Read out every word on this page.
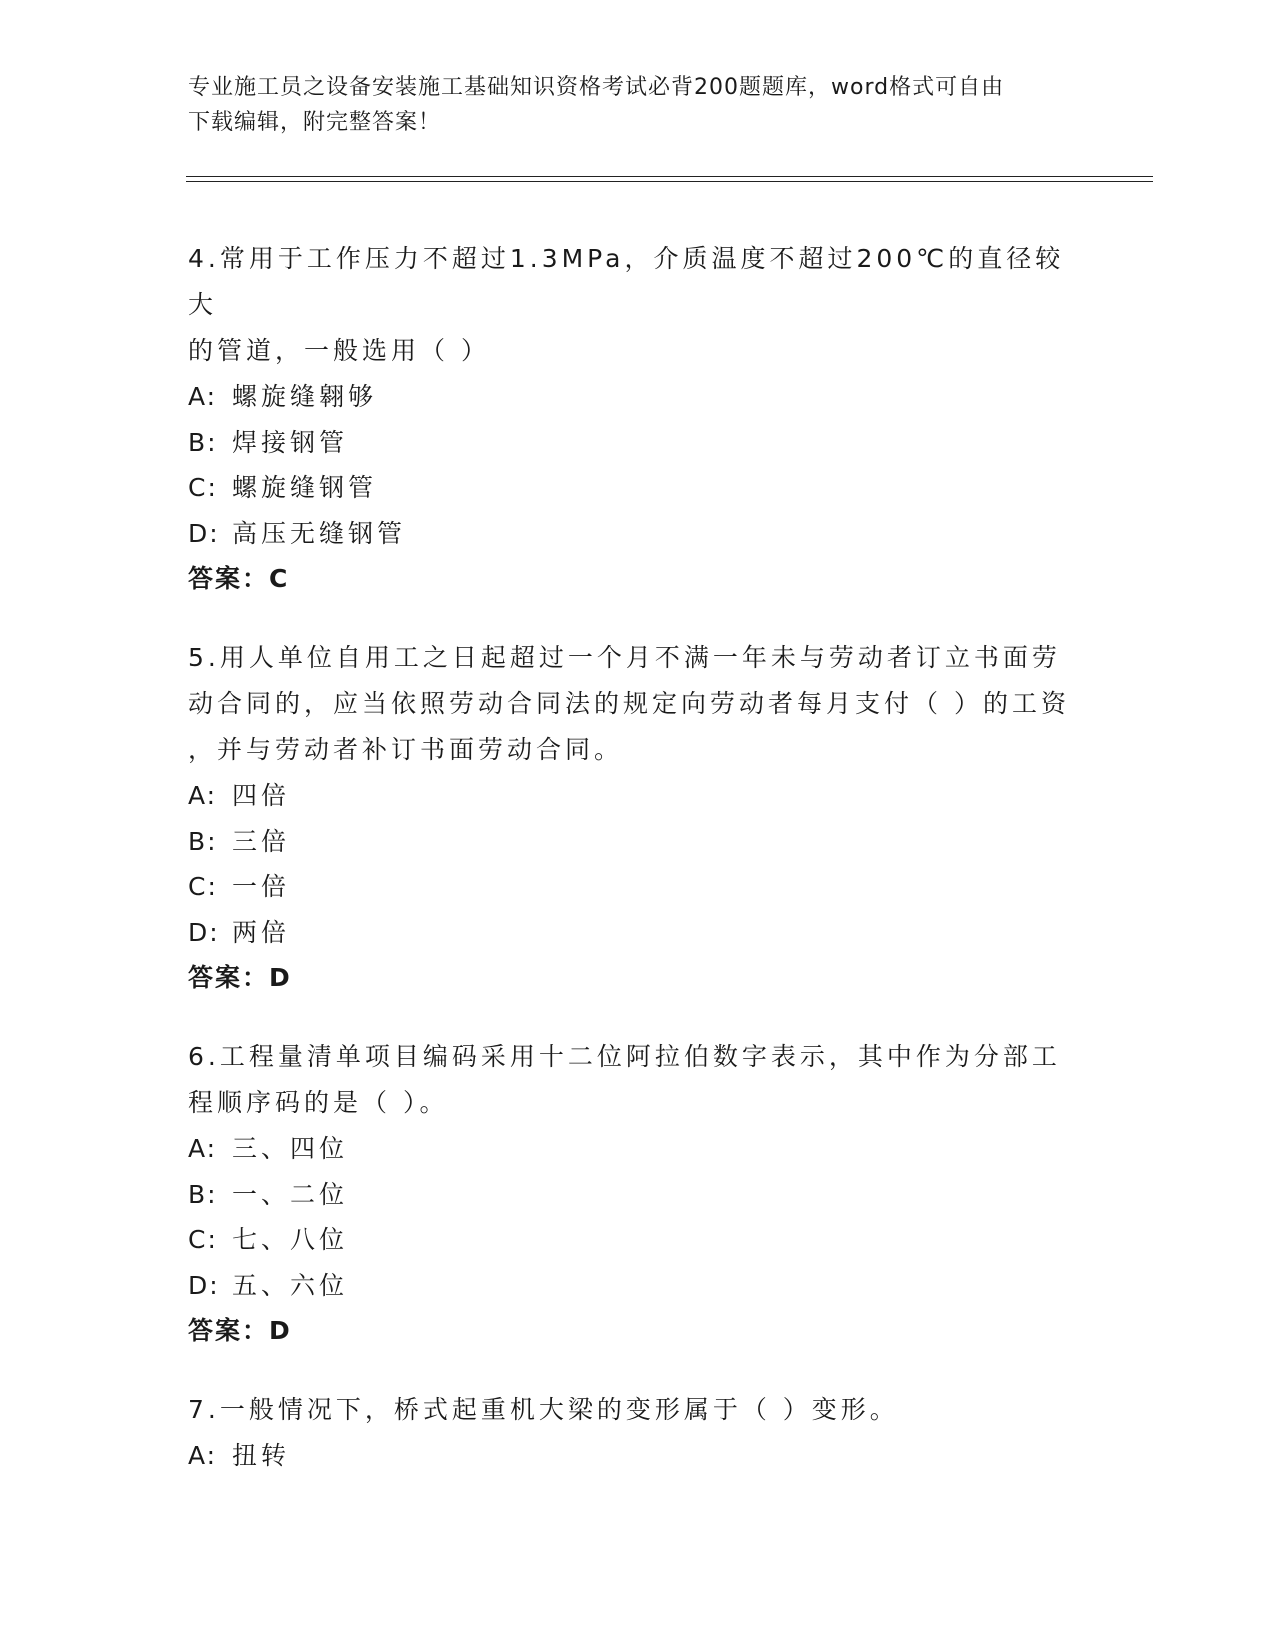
专业施工员之设备安装施工基础知识资格考试必背200题题库，word格式可自由
下载编辑，附完整答案！
4.常用于工作压力不超过1.3MPa，介质温度不超过200℃的直径较大
的管道，一般选用（ ）
A: 螺旋缝翱够
B: 焊接钢管
C: 螺旋缝钢管
D: 高压无缝钢管
答案：C
5.用人单位自用工之日起超过一个月不满一年未与劳动者订立书面劳
动合同的，应当依照劳动合同法的规定向劳动者每月支付（ ）的工资
，并与劳动者补订书面劳动合同。
A: 四倍
B: 三倍
C: 一倍
D: 两倍
答案：D
6.工程量清单项目编码采用十二位阿拉伯数字表示，其中作为分部工
程顺序码的是（ ）。
A: 三、四位
B: 一、二位
C: 七、八位
D: 五、六位
答案：D
7.一般情况下，桥式起重机大梁的变形属于（ ）变形。
A: 扭转
